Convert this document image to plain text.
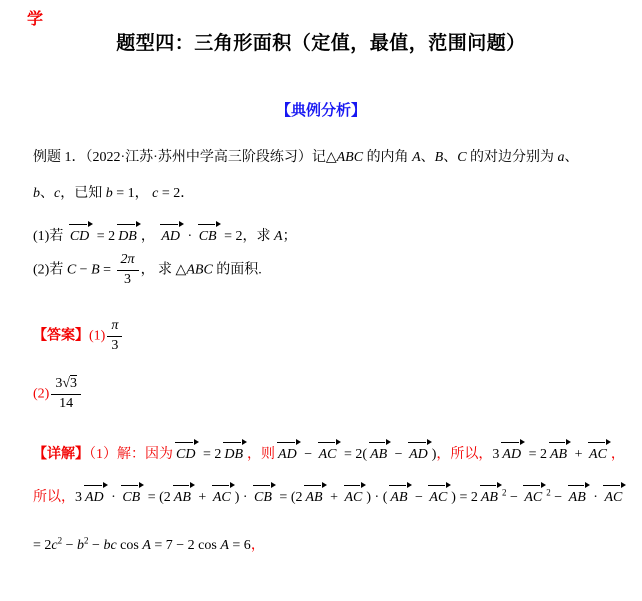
学
题型四：三角形面积（定值，最值，范围问题）
【典例分析】
例题 1．（2022·江苏·苏州中学高三阶段练习）记△ABC 的内角 A、B、C 的对边分别为 a、
b、c，已知 b = 1， c = 2．
(1)若 CD = 2 DB ， AD · CB = 2，求 A；
(2)若 $C - B = \frac{2\pi}{3}$ ， 求 △ABC 的面积.
【答案】$(1) \frac{\pi}{3}$
$(2) \frac{3√3}{14}$
【详解】（1）解：因为 CD = 2 DB ，则 AD − AC = 2( AB − AD )，所以，3 AD = 2 AB + AC ，
所以，3 AD · CB = (2 AB + AC ) · CB = (2 AB + AC ) · ( AB − AC ) = 2 AB $^2$ − AC $^2$ − AB · AC
= $2c^2 - b^2$ − bc cos A = 7 − 2 cos A = 6，
